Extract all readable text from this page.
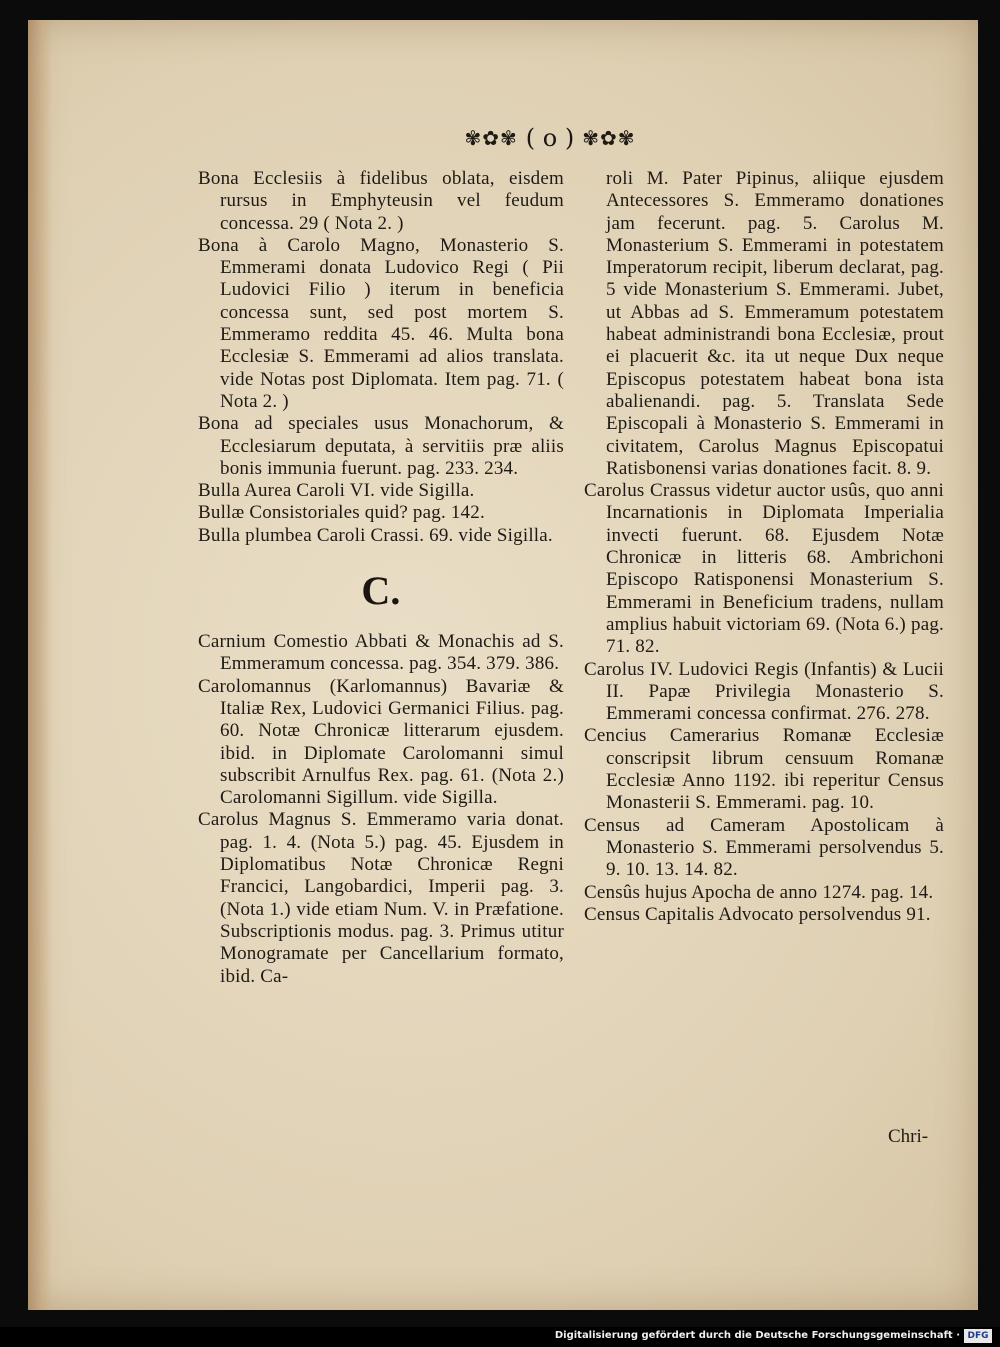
✾✿✾ ( o ) ✾✿✾

Bona Ecclesiis à fidelibus oblata, eisdem rursus in Emphyteusin vel feudum concessa. 29 ( Nota 2. )

Bona à Carolo Magno, Monasterio S. Emmerami donata Ludovico Regi ( Pii Ludovici Filio ) iterum in beneficia concessa sunt, sed post mortem S. Emmeramo reddita 45. 46. Multa bona Ecclesiæ S. Emmerami ad alios translata. vide Notas post Diplomata. Item pag. 71. ( Nota 2. )

Bona ad speciales usus Monachorum, & Ecclesiarum deputata, à servitiis præ aliis bonis immunia fuerunt. pag. 233. 234.

Bulla Aurea Caroli VI. vide Sigilla.

Bullæ Consistoriales quid? pag. 142.

Bulla plumbea Caroli Crassi. 69. vide Sigilla.

C.

Carnium Comestio Abbati & Monachis ad S. Emmeramum concessa. pag. 354. 379. 386.

Carolomannus (Karlomannus) Bavariæ & Italiæ Rex, Ludovici Germanici Filius. pag. 60. Notæ Chronicæ litterarum ejusdem. ibid. in Diplomate Carolomanni simul subscribit Arnulfus Rex. pag. 61. (Nota 2.) Carolomanni Sigillum. vide Sigilla.

Carolus Magnus S. Emmeramo varia donat. pag. 1. 4. (Nota 5.) pag. 45. Ejusdem in Diplomatibus Notæ Chronicæ Regni Francici, Langobardici, Imperii pag. 3. (Nota 1.) vide etiam Num. V. in Præfatione. Subscriptionis modus. pag. 3. Primus utitur Monogramate per Cancellarium formato, ibid. Ca-

roli M. Pater Pipinus, aliique ejusdem Antecessores S. Emmeramo donationes jam fecerunt. pag. 5. Carolus M. Monasterium S. Emmerami in potestatem Imperatorum recipit, liberum declarat, pag. 5 vide Monasterium S. Emmerami. Jubet, ut Abbas ad S. Emmeramum potestatem habeat administrandi bona Ecclesiæ, prout ei placuerit &c. ita ut neque Dux neque Episcopus potestatem habeat bona ista abalienandi. pag. 5. Translata Sede Episcopali à Monasterio S. Emmerami in civitatem, Carolus Magnus Episcopatui Ratisbonensi varias donationes facit. 8. 9.

Carolus Crassus videtur auctor usûs, quo anni Incarnationis in Diplomata Imperialia invecti fuerunt. 68. Ejusdem Notæ Chronicæ in litteris 68. Ambrichoni Episcopo Ratisponensi Monasterium S. Emmerami in Beneficium tradens, nullam amplius habuit victoriam 69. (Nota 6.) pag. 71. 82.

Carolus IV. Ludovici Regis (Infantis) & Lucii II. Papæ Privilegia Monasterio S. Emmerami concessa confirmat. 276. 278.

Cencius Camerarius Romanæ Ecclesiæ conscripsit librum censuum Romanæ Ecclesiæ Anno 1192. ibi reperitur Census Monasterii S. Emmerami. pag. 10.

Census ad Cameram Apostolicam à Monasterio S. Emmerami persolvendus 5. 9. 10. 13. 14. 82.

Censûs hujus Apocha de anno 1274. pag. 14.

Census Capitalis Advocato persolvendus 91.

Chri-
Digitalisierung gefördert durch die Deutsche Forschungsgemeinschaft · DFG
